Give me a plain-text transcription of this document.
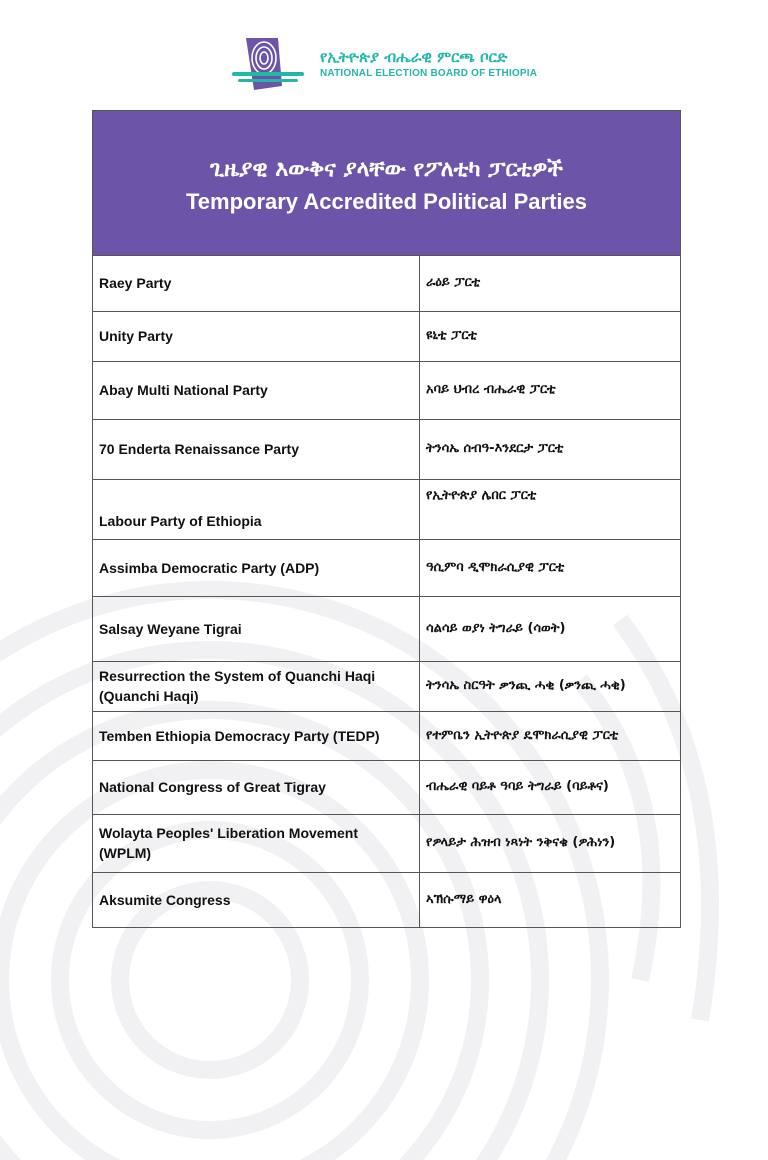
የኢትዮጵያ ብሔራዊ ምርጫ ቦርድ
NATIONAL ELECTION BOARD OF ETHIOPIA
ጊዜያዊ እውቅና ያላቸው የፖለቲካ ፓርቲዎች
Temporary Accredited Political Parties
Raey Party	ራዕይ ፓርቲ
Unity Party	ዩኒቲ ፓርቲ
Abay Multi National Party	አባይ ህብረ ብሔራዊ ፓርቲ
70 Enderta Renaissance Party	ትንሳኤ ሰብዓ-እንደርታ ፓርቲ
Labour Party of Ethiopia	የኢትዮጵያ ሌበር ፓርቲ
Assimba Democratic Party (ADP)	ዓሲምባ ዲሞክራሲያዊ ፓርቲ
Salsay Weyane Tigrai	ሳልሳይ ወያነ ትግራይ (ሳወት)
Resurrection the System of Quanchi Haqi (Quanchi Haqi)	ትንሳኤ ስርዓት ቃንጪ ሓቂ (ቃንጪ ሓቂ)
Temben Ethiopia Democracy Party (TEDP)	የተምቤን ኢትዮጵያ ዴሞክራሲያዊ ፓርቲ
National Congress of Great Tigray	ብሔራዊ ባይቶ ዓባይ ትግራይ (ባይቶና)
Wolayta Peoples' Liberation Movement (WPLM)	የዎላይታ ሕዝብ ነጻነት ንቅናቄ (ዎሕነን)
Aksumite Congress	ኣኽሱማይ ዋዕላ
